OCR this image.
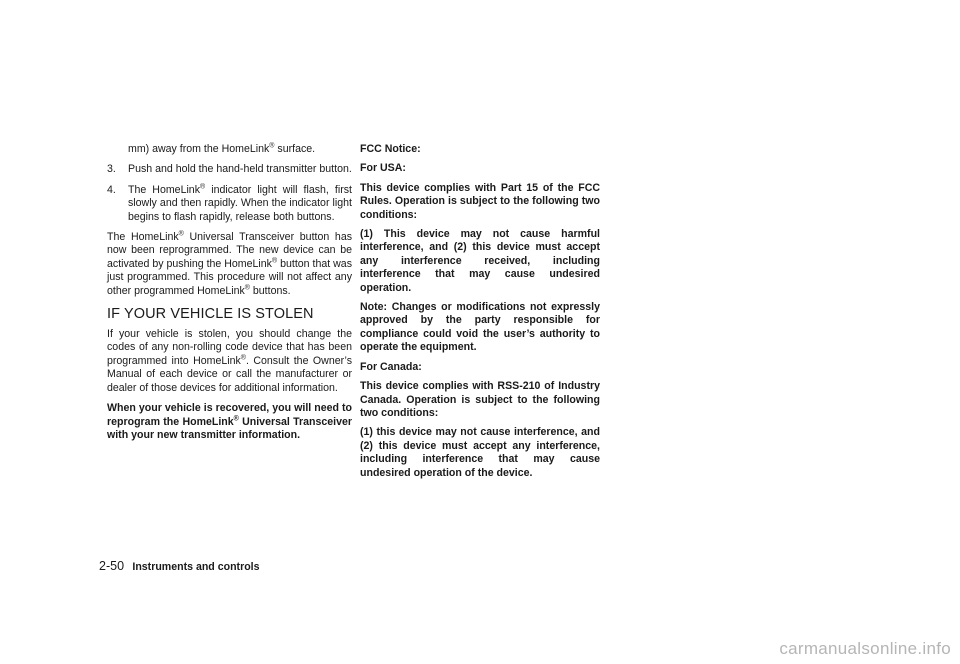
mm) away from the HomeLink® surface.

3. Push and hold the hand-held transmitter button.

4. The HomeLink® indicator light will flash, first slowly and then rapidly. When the indicator light begins to flash rapidly, release both buttons.

The HomeLink® Universal Transceiver button has now been reprogrammed. The new device can be activated by pushing the HomeLink® button that was just programmed. This procedure will not affect any other programmed HomeLink® buttons.

IF YOUR VEHICLE IS STOLEN

If your vehicle is stolen, you should change the codes of any non-rolling code device that has been programmed into HomeLink®. Consult the Owner’s Manual of each device or call the manufacturer or dealer of those devices for additional information.

When your vehicle is recovered, you will need to reprogram the HomeLink® Universal Transceiver with your new transmitter information.

FCC Notice:

For USA:

This device complies with Part 15 of the FCC Rules. Operation is subject to the following two conditions:

(1) This device may not cause harmful interference, and (2) this device must accept any interference received, including interference that may cause undesired operation.

Note: Changes or modifications not expressly approved by the party responsible for compliance could void the user’s authority to operate the equipment.

For Canada:

This device complies with RSS-210 of Industry Canada. Operation is subject to the following two conditions:

(1) this device may not cause interference, and (2) this device must accept any interference, including interference that may cause undesired operation of the device.

2-50 Instruments and controls
carmanualsonline.info
